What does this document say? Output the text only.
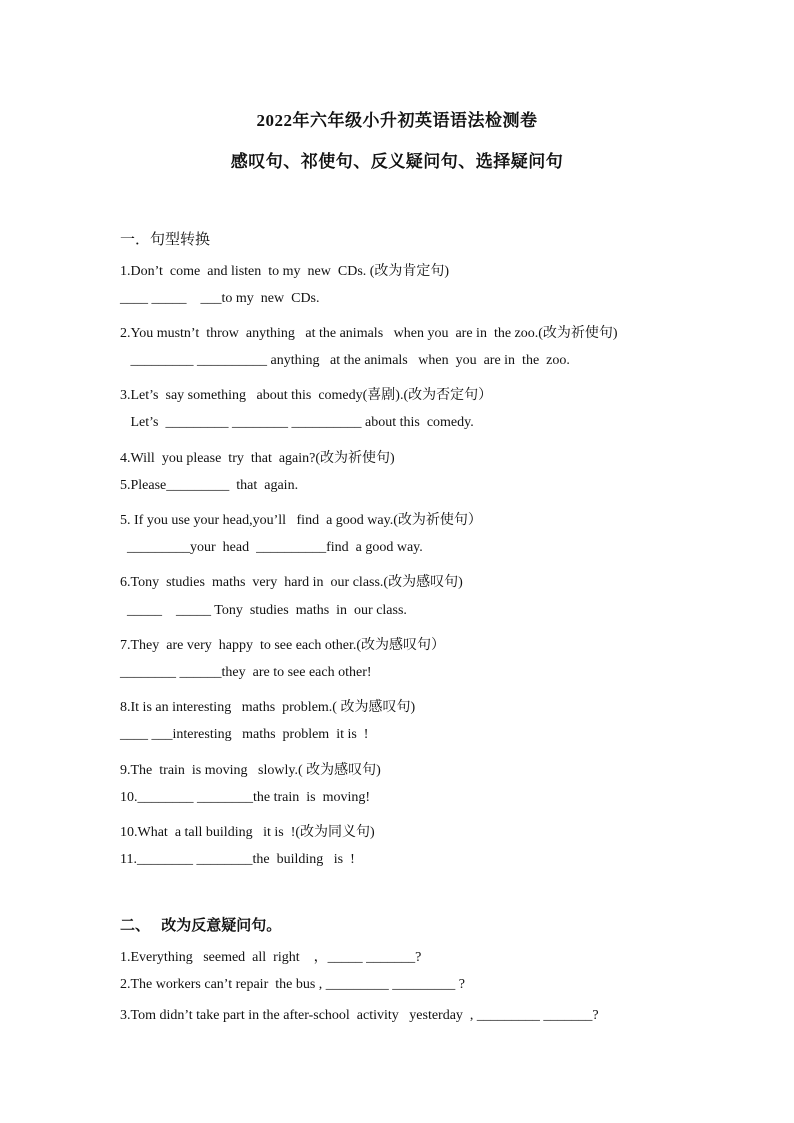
2022年六年级小升初英语语法检测卷
感叹句、祁使句、反义疑问句、选择疑问句
一．句型转换
1.Don’t  come  and listen  to my  new  CDs. (改为肯定句)
____ _____    ___to my  new  CDs.
2.You mustn’t  throw  anything   at the animals   when you  are in  the zoo.(改为祈使句)
_________ __________ anything   at the animals   when  you  are in  the  zoo.
3.Let’s  say something   about this  comedy(喜剧).(改为否定句）
Let’s  _________ ________ __________ about this  comedy.
4.Will  you please  try  that  again?(改为祈使句)
5.Please_________  that  again.
5. If you use your head,you’ll   find  a good way.(改为祈使句）
_________your  head  __________find  a good way.
6.Tony  studies  maths  very  hard in  our class.(改为感叹句)
_____    _____ Tony  studies  maths  in  our class.
7.They  are very  happy  to see each other.(改为感叹句）
________ ______they  are to see each other!
8.It is an interesting   maths  problem.( 改为感叹句)
____ ___interesting   maths  problem  it is  !
9.The  train  is moving   slowly.( 改为感叹句)
10.________ ________the train  is  moving!
10.What  a tall building   it is  !(改为同义句)
11.________ ________the  building   is  !
二、   改为反意疑问句。
1.Everything   seemed  all  right    ，_____ _______?
2.The workers can’t repair  the bus , _________ _________ ?
3.Tom didn’t take part in the after-school  activity   yesterday  , _________ _______?
